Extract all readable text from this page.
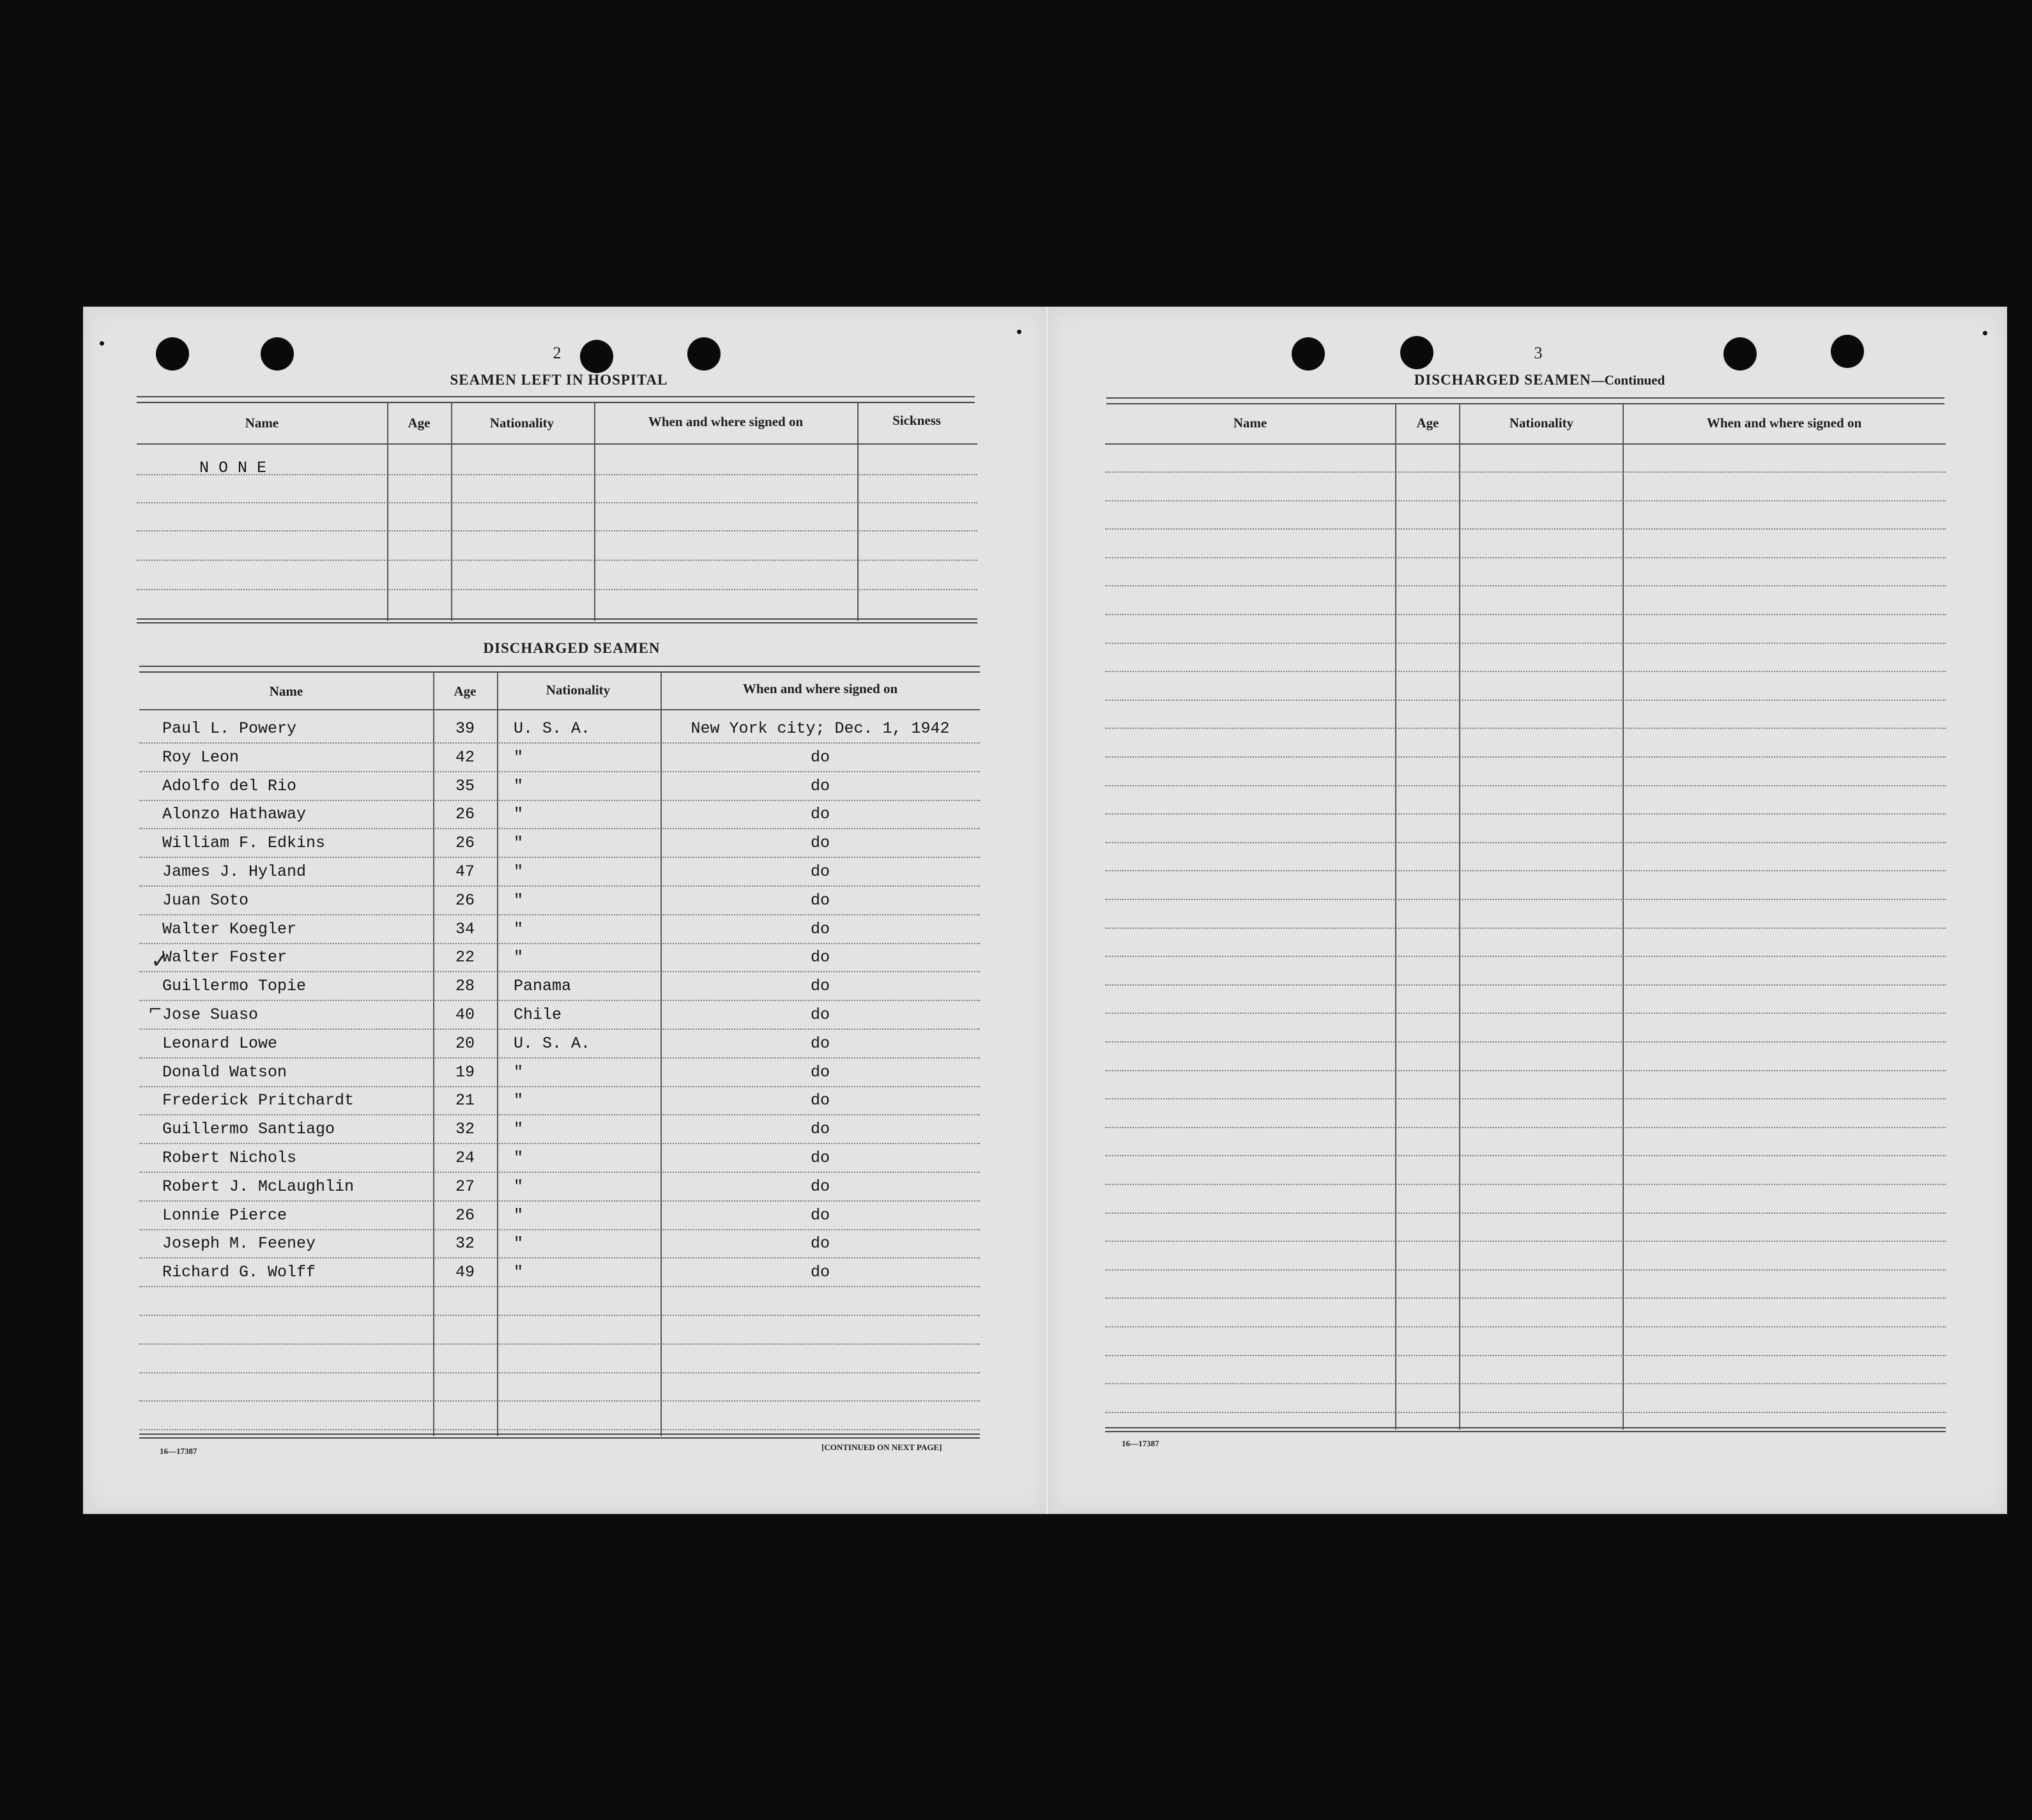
2
SEAMEN LEFT IN HOSPITAL
Name	Age	Nationality	When and where signed on	Sickness
N O N E
DISCHARGED SEAMEN
Name	Age	Nationality	When and where signed on
Paul L. Powery	39	U. S. A.	New York city; Dec. 1, 1942
Roy Leon	42	"	do
Adolfo del Rio	35	"	do
Alonzo Hathaway	26	"	do
William F. Edkins	26	"	do
James J. Hyland	47	"	do
Juan Soto	26	"	do
Walter Koegler	34	"	do
Walter Foster	22	"	do
Guillermo Topie	28	Panama	do
Jose Suaso	40	Chile	do
Leonard Lowe	20	U. S. A.	do
Donald Watson	19	"	do
Frederick Pritchardt	21	"	do
Guillermo Santiago	32	"	do
Robert Nichols	24	"	do
Robert J. McLaughlin	27	"	do
Lonnie Pierce	26	"	do
Joseph M. Feeney	32	"	do
Richard G. Wolff	49	"	do
✓
⌐
16—17387	[CONTINUED ON NEXT PAGE]
3
DISCHARGED SEAMEN—Continued
Name	Age	Nationality	When and where signed on
16—17387
